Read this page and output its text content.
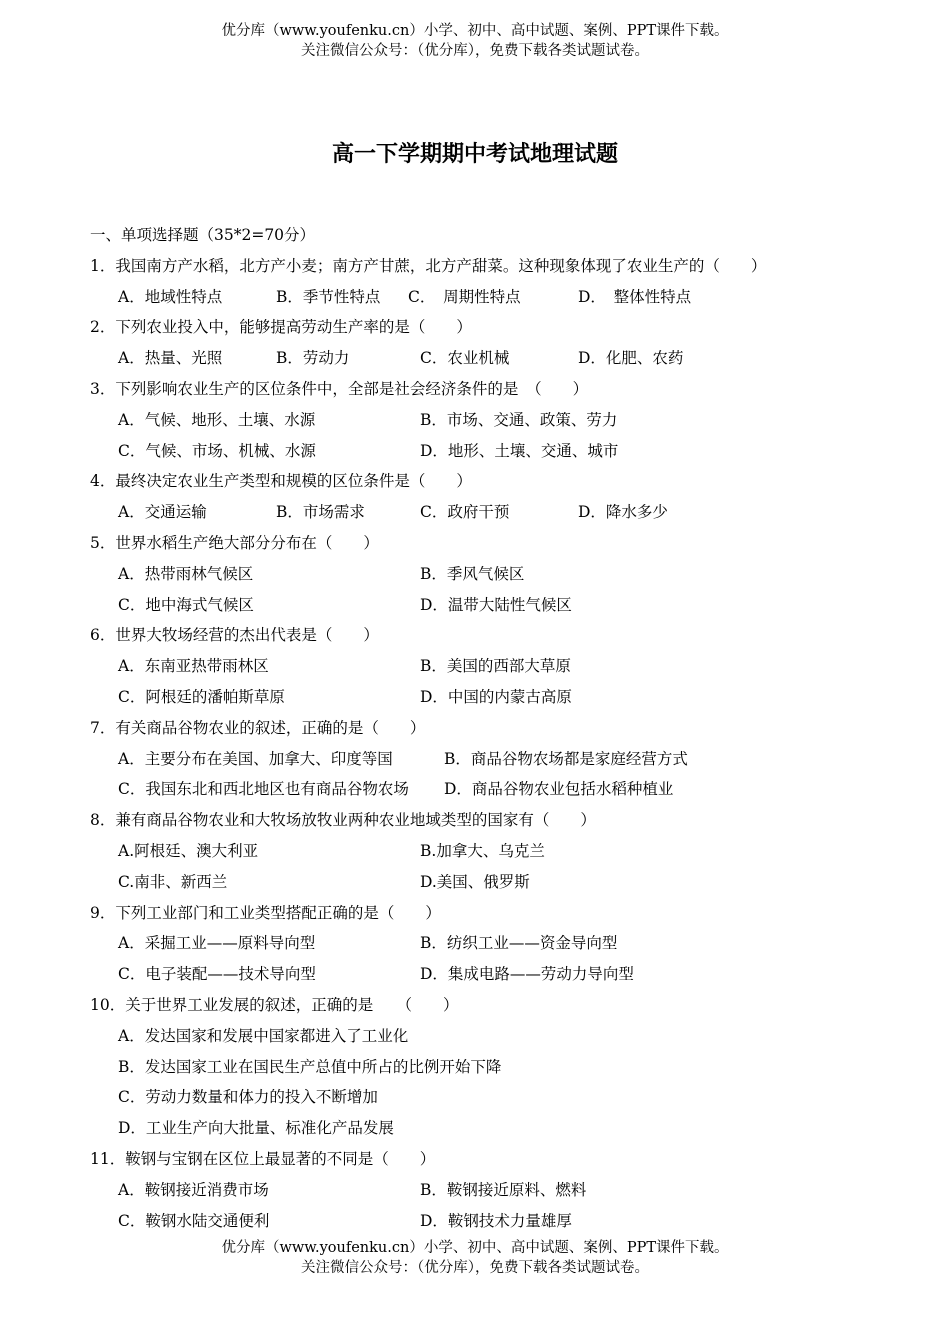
优分库（www.youfenku.cn）小学、初中、高中试题、案例、PPT课件下载。
关注微信公众号：（优分库），免费下载各类试题试卷。
高一下学期期中考试地理试题
一、单项选择题（35*2=70分）
1．我国南方产水稻，北方产小麦；南方产甘蔗，北方产甜菜。这种现象体现了农业生产的（　　）
A．地域性特点	B．季节性特点 C．　周期性特点	D．　整体性特点
2．下列农业投入中，能够提高劳动生产率的是（　　）
A．热量、光照	B．劳动力	C．农业机械	D．化肥、农药
3．下列影响农业生产的区位条件中，全部是社会经济条件的是　（　　）
A．气候、地形、土壤、水源	B．市场、交通、政策、劳力
C．气候、市场、机械、水源	D．地形、土壤、交通、城市
4．最终决定农业生产类型和规模的区位条件是（　　）
A．交通运输	B．市场需求	C．政府干预	D．降水多少
5．世界水稻生产绝大部分分布在（　　）
A．热带雨林气候区	B．季风气候区
C．地中海式气候区	D．温带大陆性气候区
6．世界大牧场经营的杰出代表是（　　）
A．东南亚热带雨林区	B．美国的西部大草原
C．阿根廷的潘帕斯草原	D．中国的内蒙古高原
7．有关商品谷物农业的叙述，正确的是（　　）
A．主要分布在美国、加拿大、印度等国	B．商品谷物农场都是家庭经营方式
C．我国东北和西北地区也有商品谷物农场 D．商品谷物农业包括水稻种植业
8．兼有商品谷物农业和大牧场放牧业两种农业地域类型的国家有（　　）
A.阿根廷、澳大利亚	B.加拿大、乌克兰
C.南非、新西兰	D.美国、俄罗斯
9．下列工业部门和工业类型搭配正确的是（　　）
A．采掘工业——原料导向型	B．纺织工业——资金导向型
C．电子装配——技术导向型	D．集成电路——劳动力导向型
10．关于世界工业发展的叙述，正确的是　　（　　）
A．发达国家和发展中国家都进入了工业化
B．发达国家工业在国民生产总值中所占的比例开始下降
C．劳动力数量和体力的投入不断增加
D．工业生产向大批量、标准化产品发展
11．鞍钢与宝钢在区位上最显著的不同是（　　）
A．鞍钢接近消费市场	B．鞍钢接近原料、燃料
C．鞍钢水陆交通便利	D．鞍钢技术力量雄厚
优分库（www.youfenku.cn）小学、初中、高中试题、案例、PPT课件下载。
关注微信公众号：（优分库），免费下载各类试题试卷。
